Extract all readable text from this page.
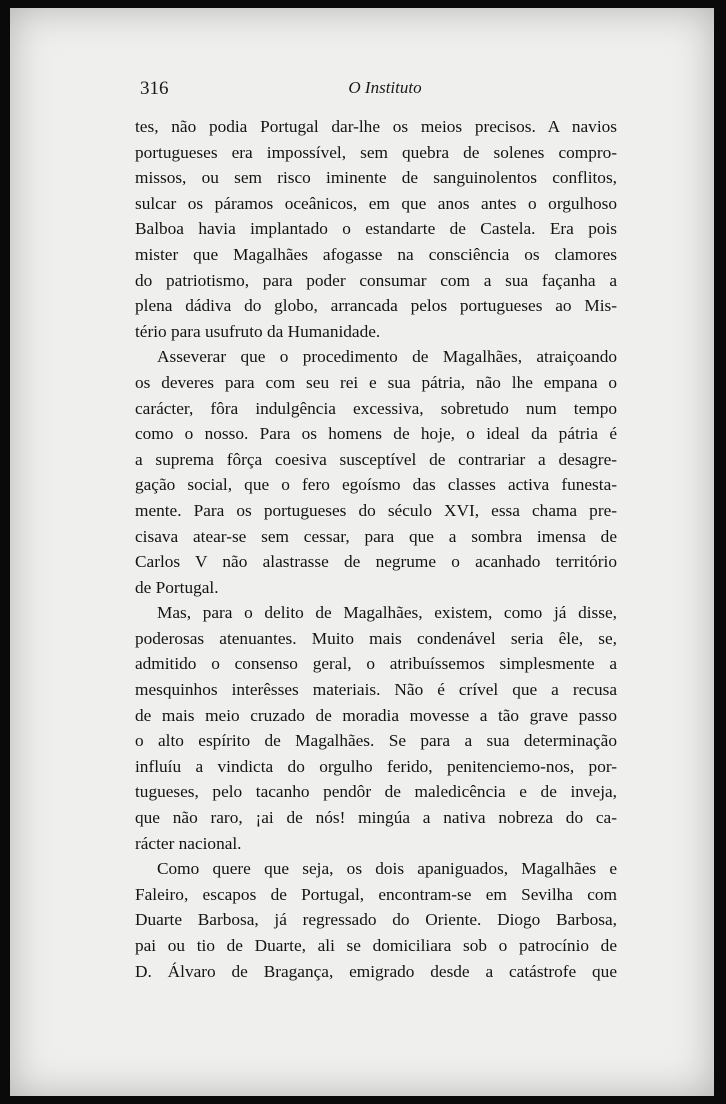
316	O Instituto

tes, não podia Portugal dar-lhe os meios precisos. A navios

portugueses era impossível, sem quebra de solenes compro-

missos, ou sem risco iminente de sanguinolentos conflitos,

sulcar os páramos oceânicos, em que anos antes o orgulhoso

Balboa havia implantado o estandarte de Castela. Era pois

mister que Magalhães afogasse na consciência os clamores

do patriotismo, para poder consumar com a sua façanha a

plena dádiva do globo, arrancada pelos portugueses ao Mis-

tério para usufruto da Humanidade.

Asseverar que o procedimento de Magalhães, atraiçoando

os deveres para com seu rei e sua pátria, não lhe empana o

carácter, fôra indulgência excessiva, sobretudo num tempo

como o nosso. Para os homens de hoje, o ideal da pátria é

a suprema fôrça coesiva susceptível de contrariar a desagre-

gação social, que o fero egoísmo das classes activa funesta-

mente. Para os portugueses do século XVI, essa chama pre-

cisava atear-se sem cessar, para que a sombra imensa de

Carlos V não alastrasse de negrume o acanhado território

de Portugal.

Mas, para o delito de Magalhães, existem, como já disse,

poderosas atenuantes. Muito mais condenável seria êle, se,

admitido o consenso geral, o atribuíssemos simplesmente a

mesquinhos interêsses materiais. Não é crível que a recusa

de mais meio cruzado de moradia movesse a tão grave passo

o alto espírito de Magalhães. Se para a sua determinação

influíu a vindicta do orgulho ferido, penitenciemo-nos, por-

tugueses, pelo tacanho pendôr de maledicência e de inveja,

que não raro, ¡ai de nós! mingúa a nativa nobreza do ca-

rácter nacional.

Como quere que seja, os dois apaniguados, Magalhães e

Faleiro, escapos de Portugal, encontram-se em Sevilha com

Duarte Barbosa, já regressado do Oriente. Diogo Barbosa,

pai ou tio de Duarte, ali se domiciliara sob o patrocínio de

D. Álvaro de Bragança, emigrado desde a catástrofe que
